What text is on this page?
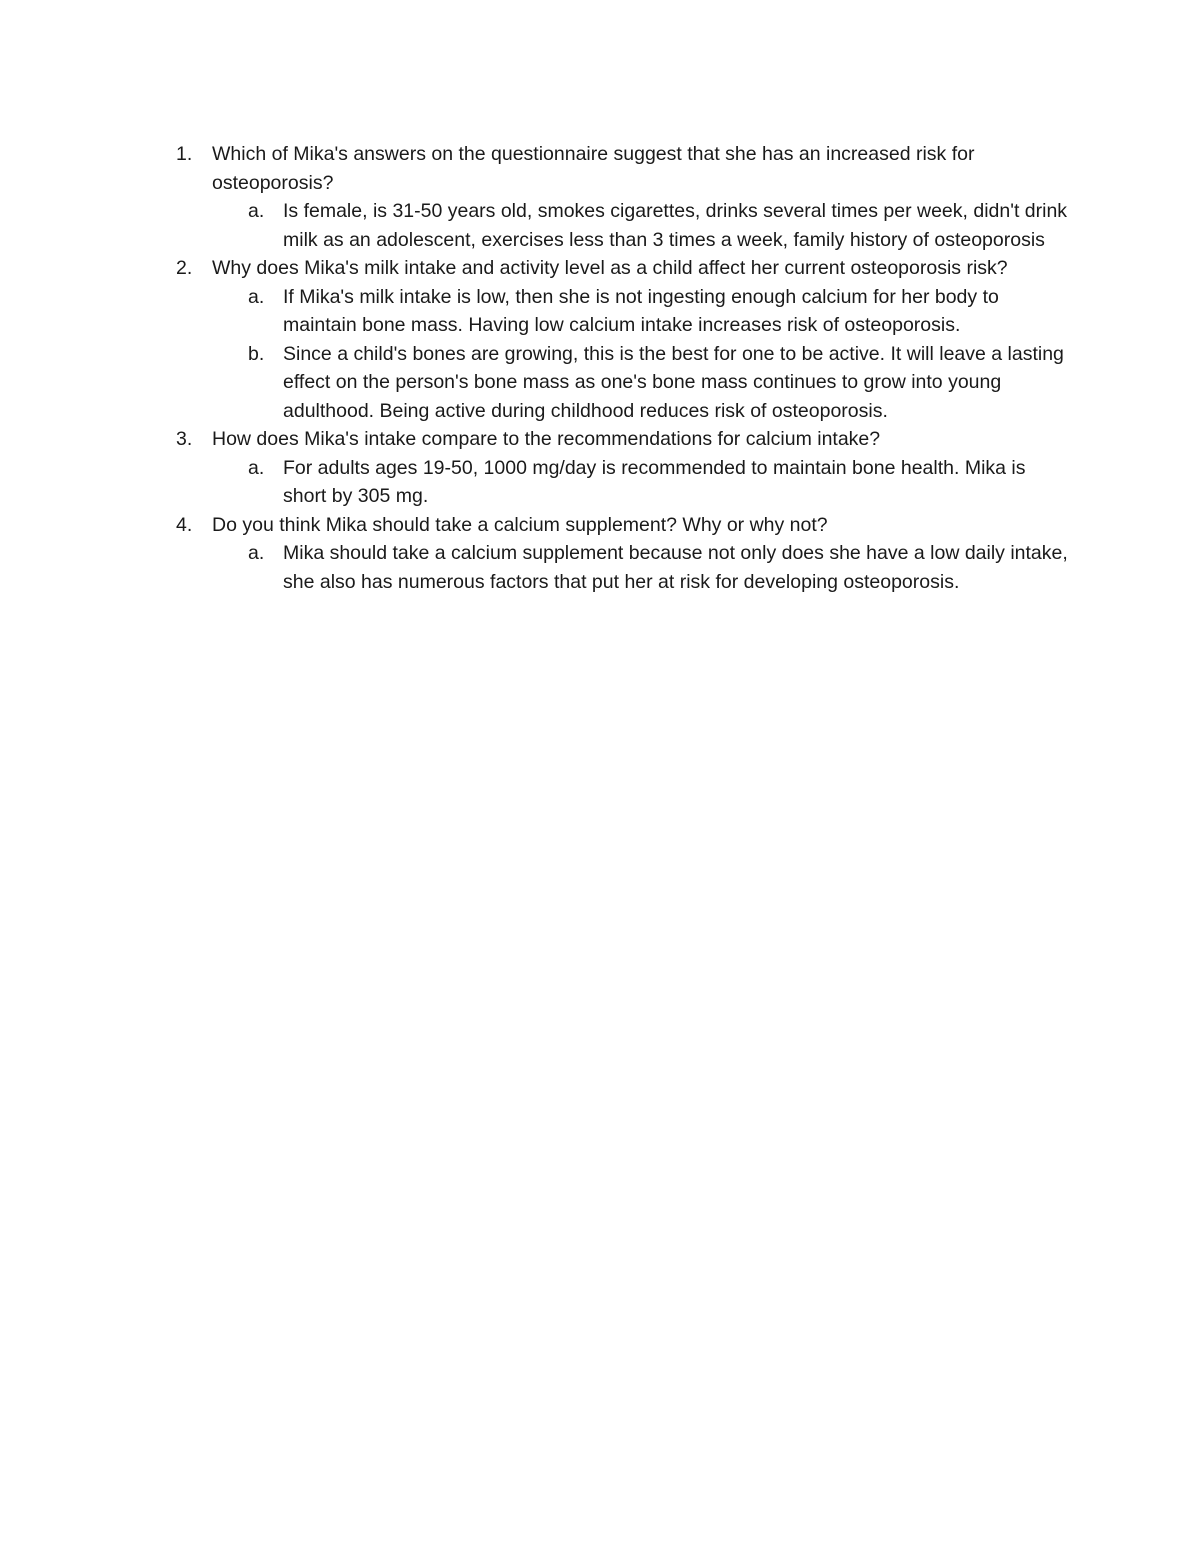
1. Which of Mika's answers on the questionnaire suggest that she has an increased risk for osteoporosis?
a. Is female, is 31-50 years old, smokes cigarettes, drinks several times per week, didn't drink milk as an adolescent, exercises less than 3 times a week, family history of osteoporosis
2. Why does Mika's milk intake and activity level as a child affect her current osteoporosis risk?
a. If Mika's milk intake is low, then she is not ingesting enough calcium for her body to maintain bone mass. Having low calcium intake increases risk of osteoporosis.
b. Since a child's bones are growing, this is the best for one to be active. It will leave a lasting effect on the person's bone mass as one's bone mass continues to grow into young adulthood. Being active during childhood reduces risk of osteoporosis.
3. How does Mika's intake compare to the recommendations for calcium intake?
a. For adults ages 19-50, 1000 mg/day is recommended to maintain bone health. Mika is short by 305 mg.
4. Do you think Mika should take a calcium supplement? Why or why not?
a. Mika should take a calcium supplement because not only does she have a low daily intake, she also has numerous factors that put her at risk for developing osteoporosis.
